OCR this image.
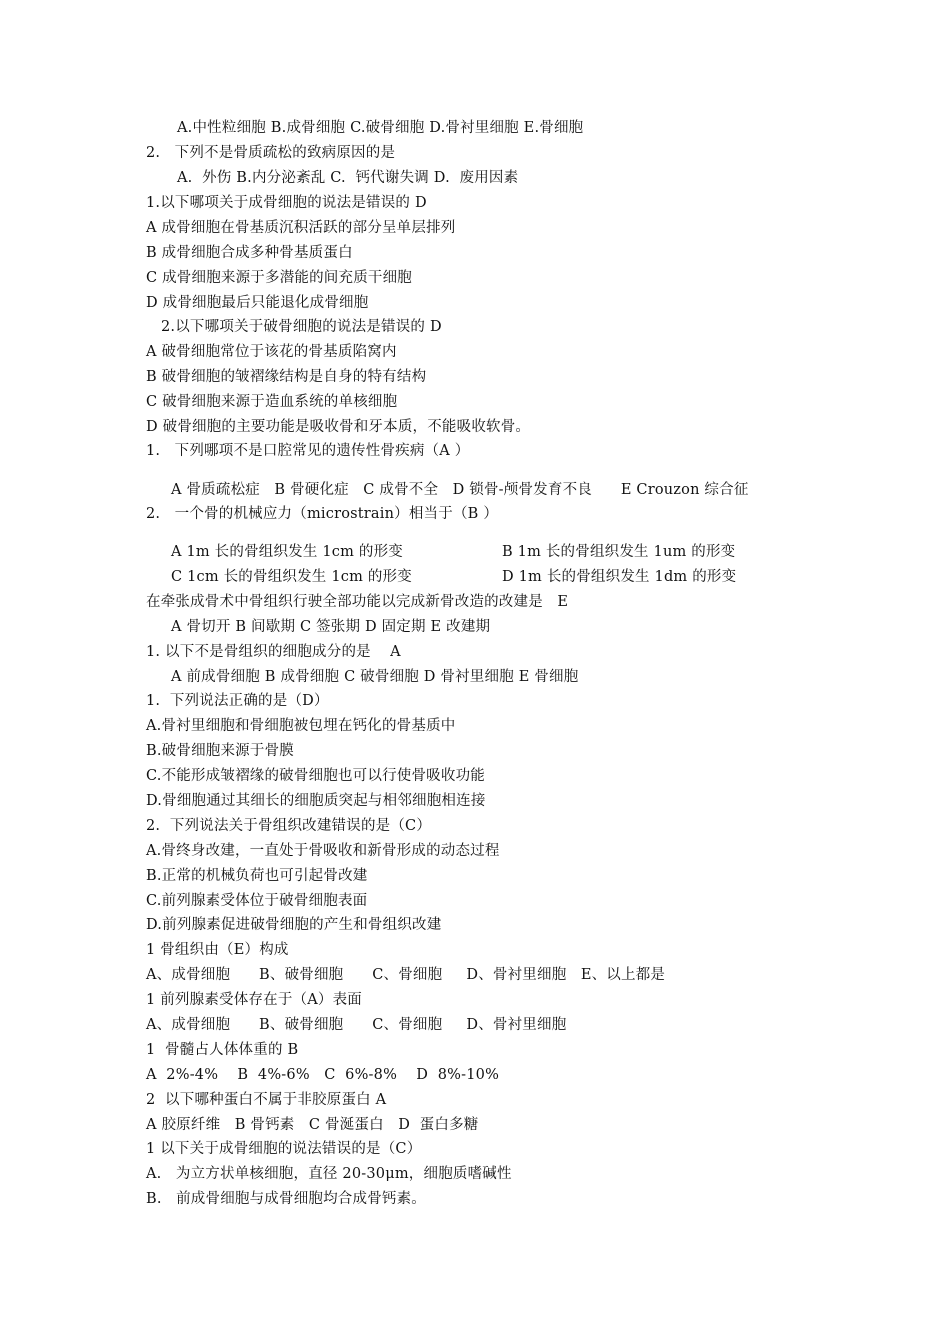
A.中性粒细胞 B.成骨细胞 C.破骨细胞 D.骨衬里细胞 E.骨细胞
2.   下列不是骨质疏松的致病原因的是
A.  外伤 B.内分泌紊乱 C.  钙代谢失调 D.  废用因素
1.以下哪项关于成骨细胞的说法是错误的 D
A 成骨细胞在骨基质沉积活跃的部分呈单层排列
B 成骨细胞合成多种骨基质蛋白
C 成骨细胞来源于多潜能的间充质干细胞
D 成骨细胞最后只能退化成骨细胞
2.以下哪项关于破骨细胞的说法是错误的 D
A 破骨细胞常位于该花的骨基质陷窝内
B 破骨细胞的皱褶缘结构是自身的特有结构
C 破骨细胞来源于造血系统的单核细胞
D 破骨细胞的主要功能是吸收骨和牙本质，不能吸收软骨。
1.   下列哪项不是口腔常见的遗传性骨疾病（A ）
A 骨质疏松症   B 骨硬化症   C 成骨不全   D 锁骨-颅骨发育不良      E Crouzon 综合征
2.   一个骨的机械应力（microstrain）相当于（B ）
A 1m 长的骨组织发生 1cm 的形变	B 1m 长的骨组织发生 1um 的形变
C 1cm 长的骨组织发生 1cm 的形变	D 1m 长的骨组织发生 1dm 的形变
在牵张成骨术中骨组织行驶全部功能以完成新骨改造的改建是   E
A 骨切开 B 间歇期 C 签张期 D 固定期 E 改建期
1. 以下不是骨组织的细胞成分的是    A
A 前成骨细胞 B 成骨细胞 C 破骨细胞 D 骨衬里细胞 E 骨细胞
1.  下列说法正确的是（D）
A.骨衬里细胞和骨细胞被包埋在钙化的骨基质中
B.破骨细胞来源于骨膜
C.不能形成皱褶缘的破骨细胞也可以行使骨吸收功能
D.骨细胞通过其细长的细胞质突起与相邻细胞相连接
2.  下列说法关于骨组织改建错误的是（C）
A.骨终身改建，一直处于骨吸收和新骨形成的动态过程
B.正常的机械负荷也可引起骨改建
C.前列腺素受体位于破骨细胞表面
D.前列腺素促进破骨细胞的产生和骨组织改建
1 骨组织由（E）构成
A、成骨细胞      B、破骨细胞      C、骨细胞     D、骨衬里细胞   E、以上都是
1 前列腺素受体存在于（A）表面
A、成骨细胞      B、破骨细胞      C、骨细胞     D、骨衬里细胞
1  骨髓占人体体重的 B
A  2%-4%    B  4%-6%   C  6%-8%    D  8%-10%
2  以下哪种蛋白不属于非胶原蛋白 A
A 胶原纤维   B 骨钙素   C 骨涎蛋白   D  蛋白多糖
1 以下关于成骨细胞的说法错误的是（C）
A.   为立方状单核细胞，直径 20-30μm，细胞质嗜碱性
B.   前成骨细胞与成骨细胞均合成骨钙素。
